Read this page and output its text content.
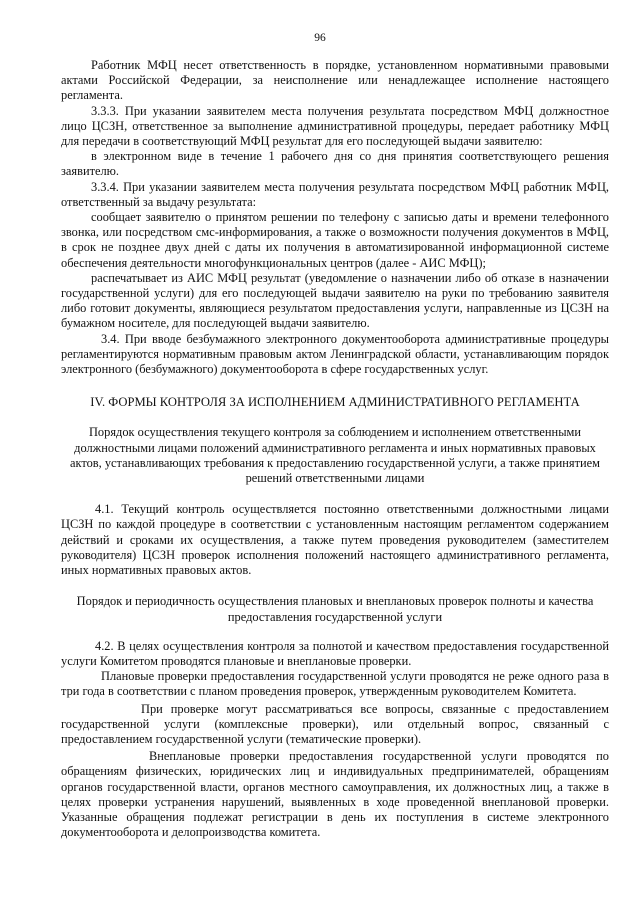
96

Работник МФЦ несет ответственность в порядке, установленном нормативными правовыми актами Российской Федерации, за неисполнение или ненадлежащее исполнение настоящего регламента.

3.3.3. При указании заявителем места получения результата посредством МФЦ должностное лицо ЦСЗН, ответственное за выполнение административной процедуры, передает работнику МФЦ для передачи в соответствующий МФЦ результат для его последующей выдачи заявителю:

в электронном виде в течение 1 рабочего дня со дня принятия соответствующего решения заявителю.

3.3.4. При указании заявителем места получения результата посредством МФЦ работник МФЦ, ответственный за выдачу результата:

сообщает заявителю о принятом решении по телефону с записью даты и времени телефонного звонка, или посредством смс-информирования, а также о возможности получения документов в МФЦ, в срок не позднее двух дней с даты их получения в автоматизированной информационной системе обеспечения деятельности многофункциональных центров (далее - АИС МФЦ);

распечатывает из АИС МФЦ результат (уведомление о назначении либо об отказе в назначении государственной услуги) для его последующей выдачи заявителю на руки по требованию заявителя либо готовит документы, являющиеся результатом предоставления услуги, направленные из ЦСЗН на бумажном носителе, для последующей выдачи заявителю.

3.4. При вводе безбумажного электронного документооборота административные процедуры регламентируются нормативным правовым актом Ленинградской области, устанавливающим порядок электронного (безбумажного) документооборота в сфере государственных услуг.

IV. ФОРМЫ КОНТРОЛЯ ЗА ИСПОЛНЕНИЕМ АДМИНИСТРАТИВНОГО РЕГЛАМЕНТА

Порядок осуществления текущего контроля за соблюдением и исполнением ответственными должностными лицами положений административного регламента и иных нормативных правовых актов, устанавливающих требования к предоставлению государственной услуги, а также принятием решений ответственными лицами

4.1. Текущий контроль осуществляется постоянно ответственными должностными лицами ЦСЗН по каждой процедуре в соответствии с установленным настоящим регламентом содержанием действий и сроками их осуществления, а также путем проведения руководителем (заместителем руководителя) ЦСЗН проверок исполнения положений настоящего административного регламента, иных нормативных правовых актов.

Порядок и периодичность осуществления плановых и внеплановых проверок полноты и качества предоставления государственной услуги

4.2. В целях осуществления контроля за полнотой и качеством предоставления государственной услуги Комитетом проводятся плановые и внеплановые проверки.

Плановые проверки предоставления государственной услуги проводятся не реже одного раза в три года в соответствии с планом проведения проверок, утвержденным руководителем Комитета.

При проверке могут рассматриваться все вопросы, связанные с предоставлением государственной услуги (комплексные проверки), или отдельный вопрос, связанный с предоставлением государственной услуги (тематические проверки).

Внеплановые проверки предоставления государственной услуги проводятся по обращениям физических, юридических лиц и индивидуальных предпринимателей, обращениям органов государственной власти, органов местного самоуправления, их должностных лиц, а также в целях проверки устранения нарушений, выявленных в ходе проведенной внеплановой проверки. Указанные обращения подлежат регистрации в день их поступления в системе электронного документооборота и делопроизводства комитета.
